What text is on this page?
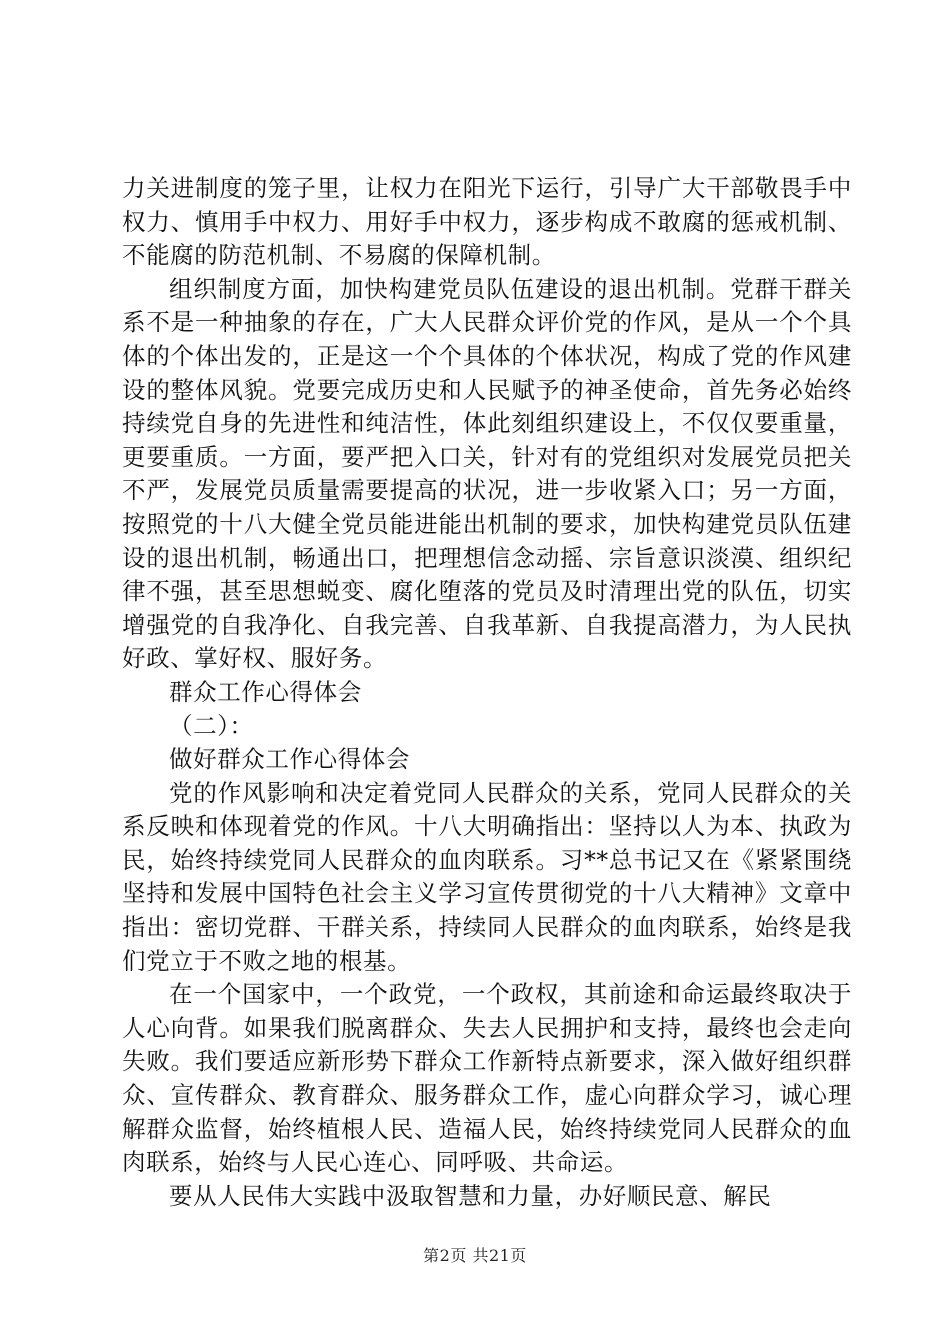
力关进制度的笼子里，让权力在阳光下运行，引导广大干部敬畏手中权力、慎用手中权力、用好手中权力，逐步构成不敢腐的惩戒机制、不能腐的防范机制、不易腐的保障机制。

组织制度方面，加快构建党员队伍建设的退出机制。党群干群关系不是一种抽象的存在，广大人民群众评价党的作风，是从一个个具体的个体出发的，正是这一个个具体的个体状况，构成了党的作风建设的整体风貌。党要完成历史和人民赋予的神圣使命，首先务必始终持续党自身的先进性和纯洁性，体此刻组织建设上，不仅仅要重量，更要重质。一方面，要严把入口关，针对有的党组织对发展党员把关不严，发展党员质量需要提高的状况，进一步收紧入口；另一方面，按照党的十八大健全党员能进能出机制的要求，加快构建党员队伍建设的退出机制，畅通出口，把理想信念动摇、宗旨意识淡漠、组织纪律不强，甚至思想蜕变、腐化堕落的党员及时清理出党的队伍，切实增强党的自我净化、自我完善、自我革新、自我提高潜力，为人民执好政、掌好权、服好务。

群众工作心得体会

（二）：

做好群众工作心得体会

党的作风影响和决定着党同人民群众的关系，党同人民群众的关系反映和体现着党的作风。十八大明确指出：坚持以人为本、执政为民，始终持续党同人民群众的血肉联系。习**总书记又在《紧紧围绕坚持和发展中国特色社会主义学习宣传贯彻党的十八大精神》文章中指出：密切党群、干群关系，持续同人民群众的血肉联系，始终是我们党立于不败之地的根基。

在一个国家中，一个政党，一个政权，其前途和命运最终取决于人心向背。如果我们脱离群众、失去人民拥护和支持，最终也会走向失败。我们要适应新形势下群众工作新特点新要求，深入做好组织群众、宣传群众、教育群众、服务群众工作，虚心向群众学习，诚心理解群众监督，始终植根人民、造福人民，始终持续党同人民群众的血肉联系，始终与人民心连心、同呼吸、共命运。

要从人民伟大实践中汲取智慧和力量，办好顺民意、解民

第2页 共21页
